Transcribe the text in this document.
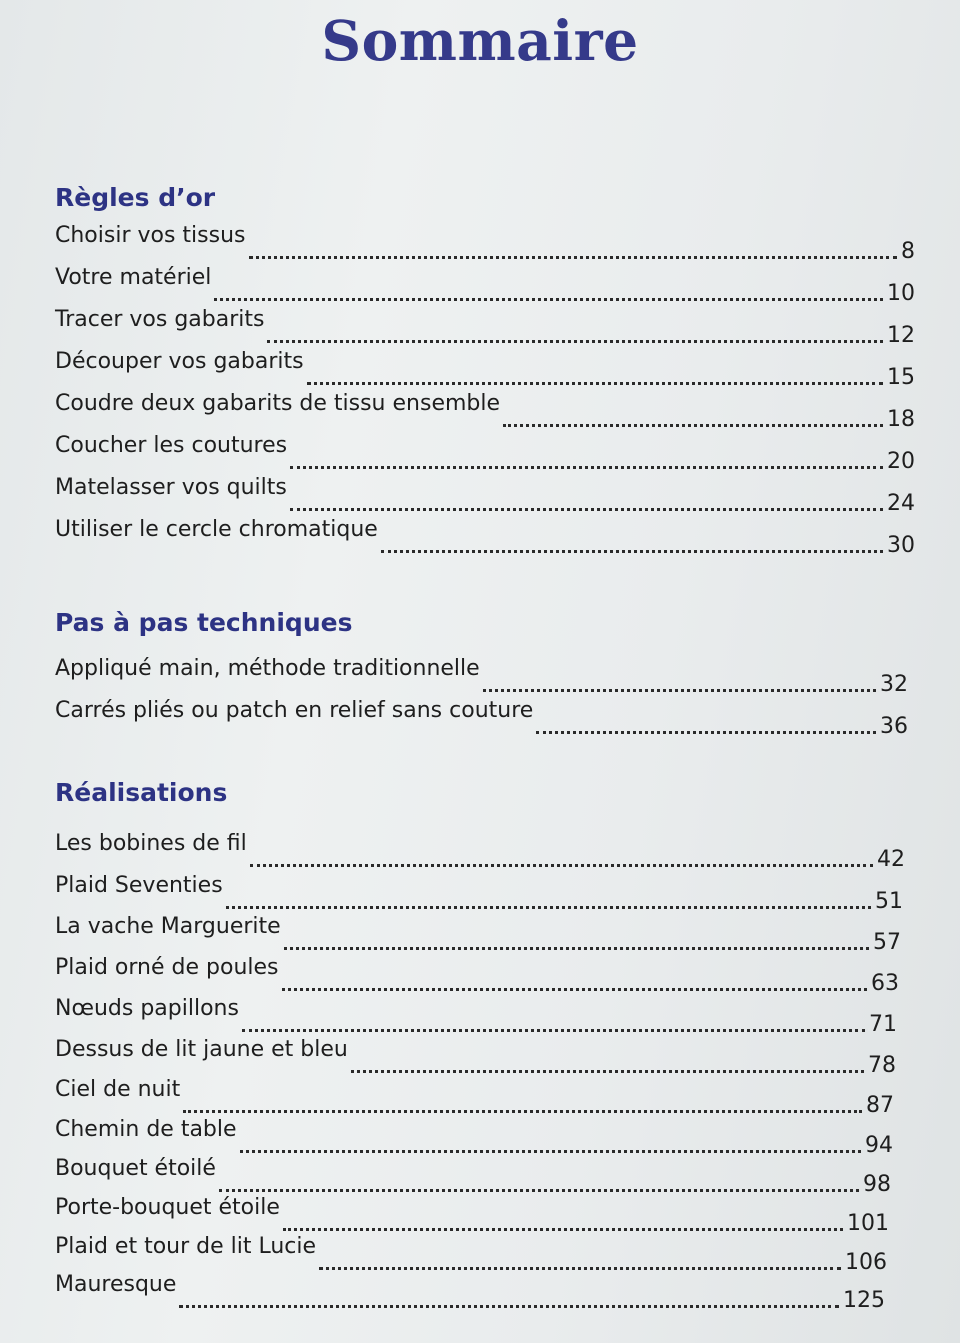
Sommaire
Règles d’or
Choisir vos tissus
8
Votre matériel
10
Tracer vos gabarits
12
Découper vos gabarits
15
Coudre deux gabarits de tissu ensemble
18
Coucher les coutures
20
Matelasser vos quilts
24
Utiliser le cercle chromatique
30
Pas à pas techniques
Appliqué main, méthode traditionnelle
32
Carrés pliés ou patch en relief sans couture
36
Réalisations
Les bobines de fil
42
Plaid Seventies
51
La vache Marguerite
57
Plaid orné de poules
63
Nœuds papillons
71
Dessus de lit jaune et bleu
78
Ciel de nuit
87
Chemin de table
94
Bouquet étoilé
98
Porte-bouquet étoile
101
Plaid et tour de lit Lucie
106
Mauresque
125
